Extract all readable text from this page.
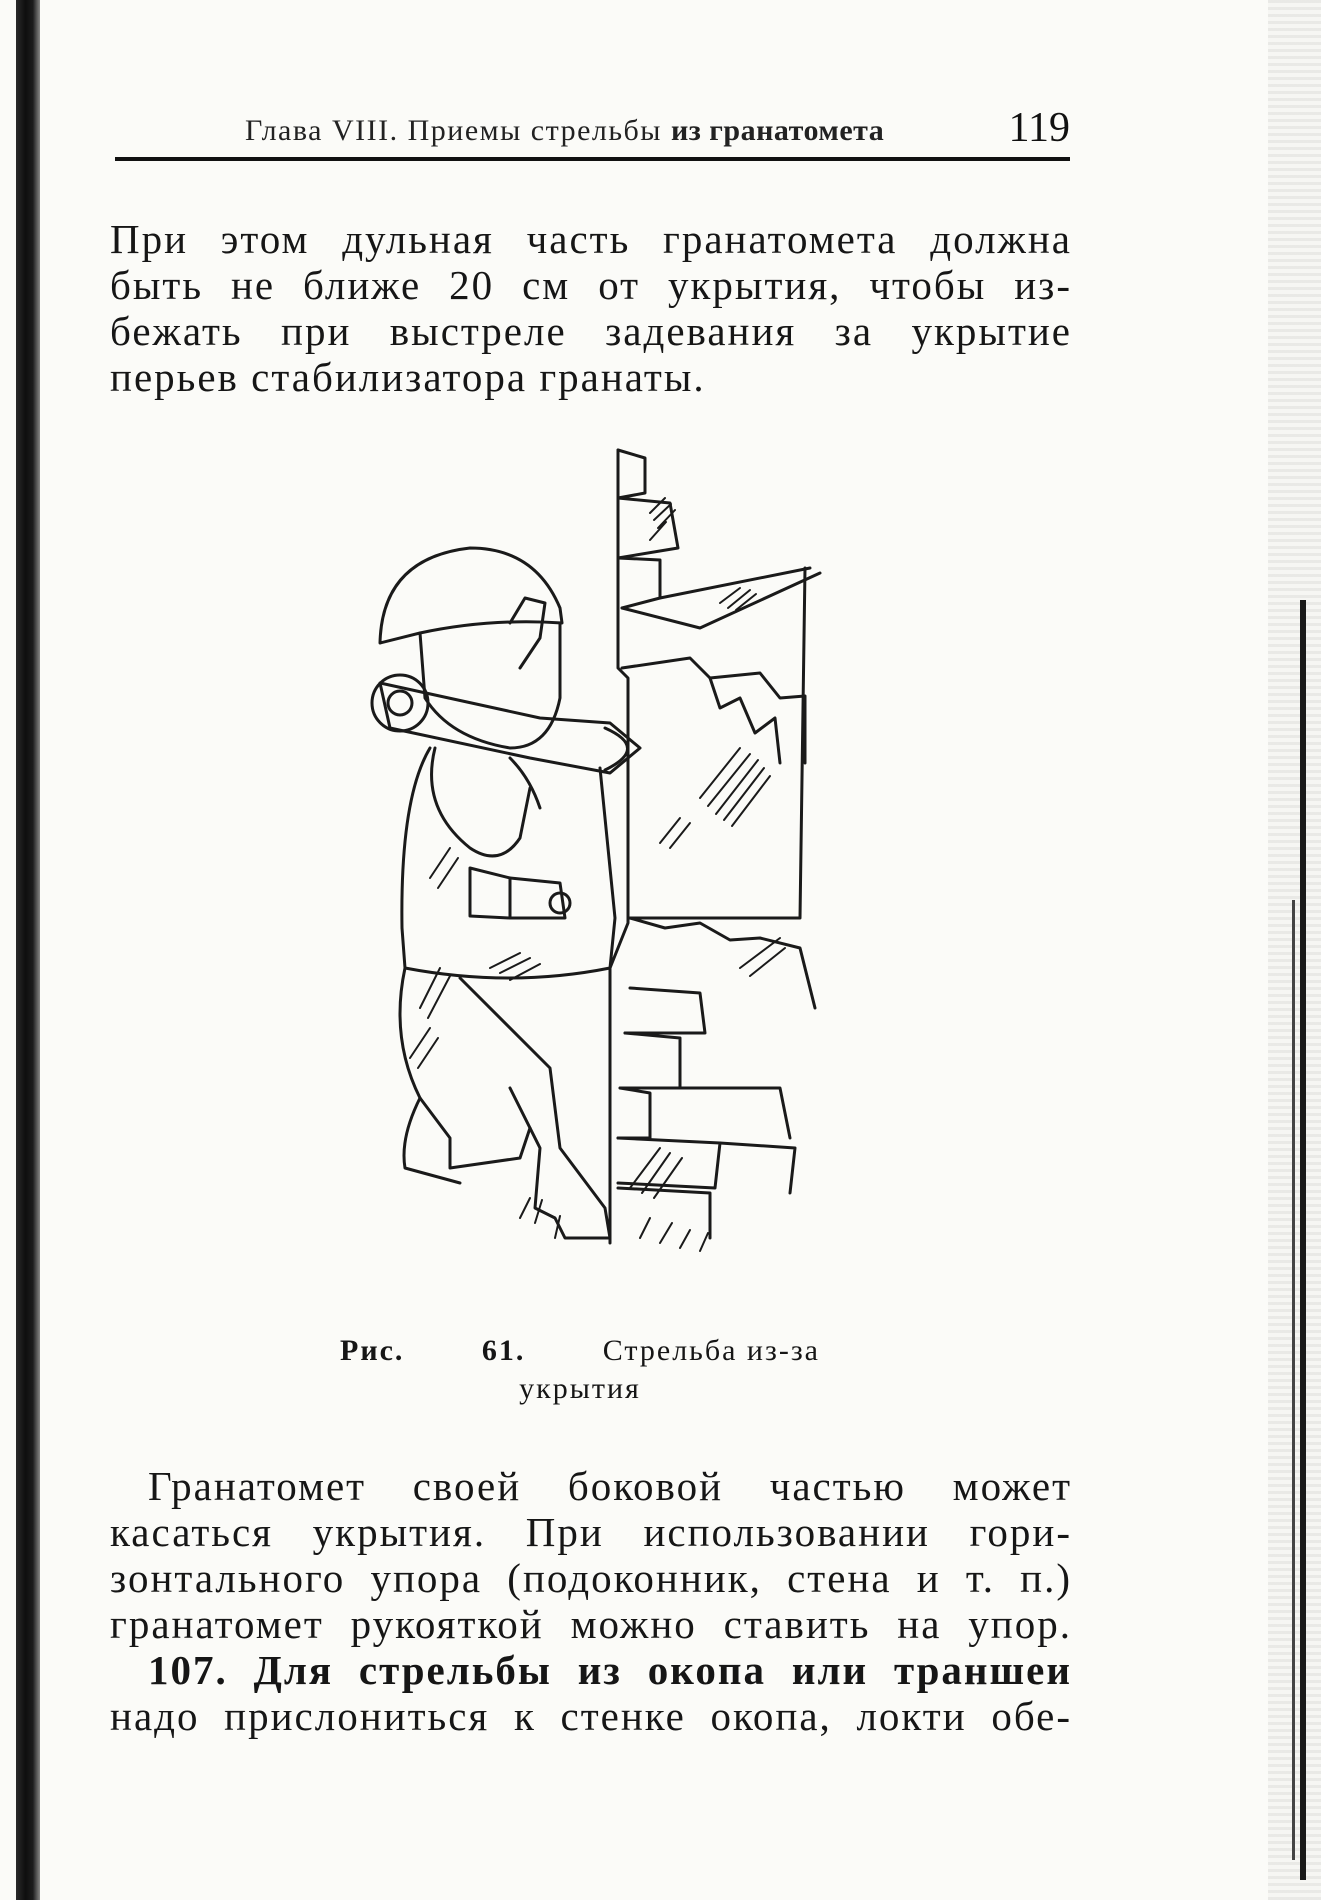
Глава VIII. Приемы стрельбы из гранатомета	119
При этом дульная часть гранатомета должна
быть не ближе 20 см от укрытия, чтобы из-
бежать при выстреле задевания за укрытие
перьев стабилизатора гранаты.
Рис.	61.	Стрельба из-за
укрытия
Гранатомет своей боковой частью может
касаться укрытия. При использовании гори-
зонтального упора (подоконник, стена и т. п.)
гранатомет рукояткой можно ставить на упор.
107. Для стрельбы из окопа или траншеи
надо прислониться к стенке окопа, локти обе-
